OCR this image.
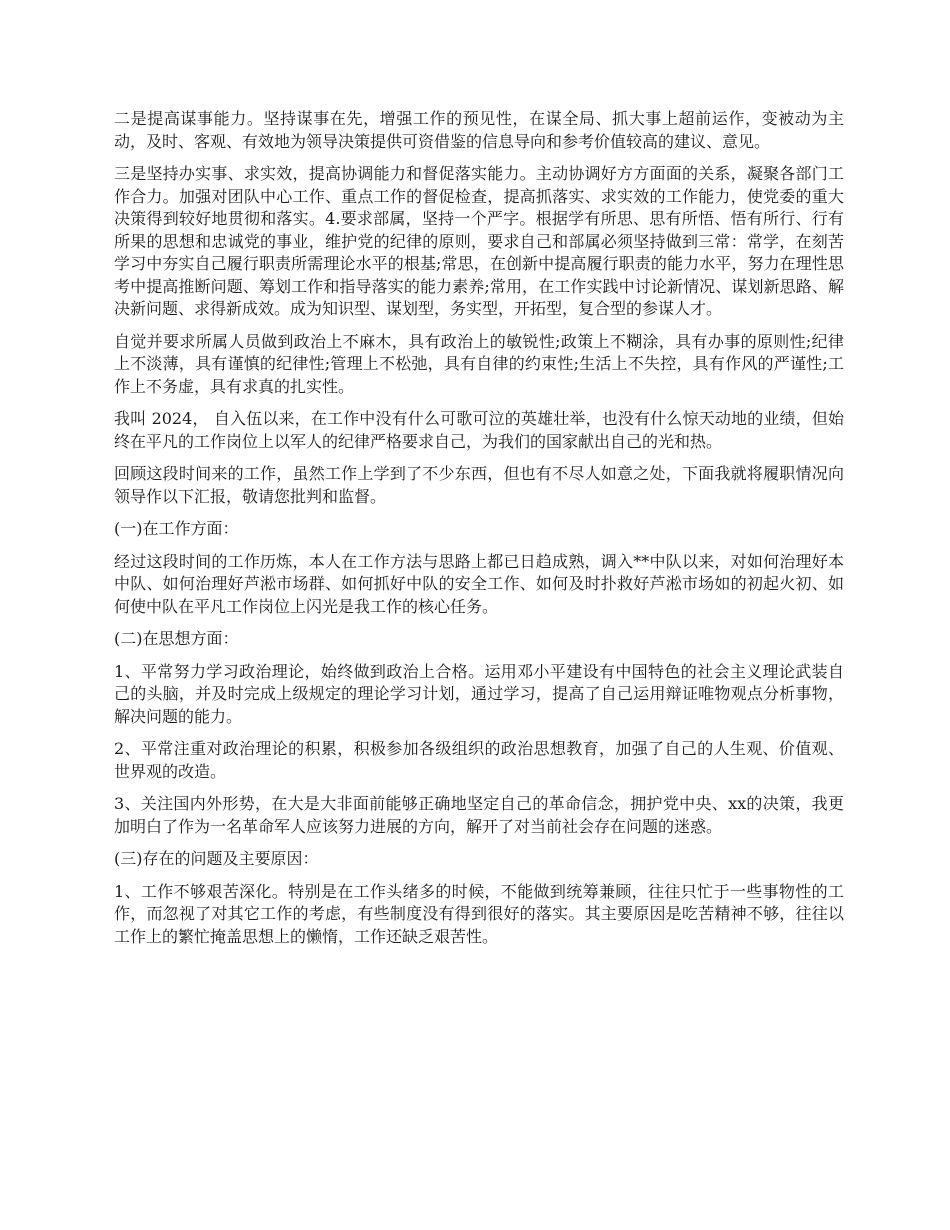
二是提高谋事能力。坚持谋事在先，增强工作的预见性，在谋全局、抓大事上超前运作，变被动为主动，及时、客观、有效地为领导决策提供可资借鉴的信息导向和参考价值较高的建议、意见。

三是坚持办实事、求实效，提高协调能力和督促落实能力。主动协调好方方面面的关系，凝聚各部门工作合力。加强对团队中心工作、重点工作的督促检查，提高抓落实、求实效的工作能力，使党委的重大决策得到较好地贯彻和落实。4.要求部属，坚持一个严字。根据学有所思、思有所悟、悟有所行、行有所果的思想和忠诚党的事业，维护党的纪律的原则，要求自己和部属必须坚持做到三常：常学，在刻苦学习中夯实自己履行职责所需理论水平的根基;常思，在创新中提高履行职责的能力水平，努力在理性思考中提高推断问题、筹划工作和指导落实的能力素养;常用，在工作实践中讨论新情况、谋划新思路、解决新问题、求得新成效。成为知识型、谋划型，务实型，开拓型，复合型的参谋人才。

自觉并要求所属人员做到政治上不麻木，具有政治上的敏锐性;政策上不糊涂，具有办事的原则性;纪律上不淡薄，具有谨慎的纪律性;管理上不松弛，具有自律的约束性;生活上不失控，具有作风的严谨性;工作上不务虚，具有求真的扎实性。

我叫 2024， 自入伍以来，在工作中没有什么可歌可泣的英雄壮举，也没有什么惊天动地的业绩，但始终在平凡的工作岗位上以军人的纪律严格要求自己，为我们的国家献出自己的光和热。

回顾这段时间来的工作，虽然工作上学到了不少东西，但也有不尽人如意之处，下面我就将履职情况向领导作以下汇报，敬请您批判和监督。

(一)在工作方面：

经过这段时间的工作历炼，本人在工作方法与思路上都已日趋成熟，调入**中队以来，对如何治理好本中队、如何治理好芦淞市场群、如何抓好中队的安全工作、如何及时扑救好芦淞市场如的初起火初、如何使中队在平凡工作岗位上闪光是我工作的核心任务。

(二)在思想方面：

1、平常努力学习政治理论，始终做到政治上合格。运用邓小平建设有中国特色的社会主义理论武装自己的头脑，并及时完成上级规定的理论学习计划，通过学习，提高了自己运用辩证唯物观点分析事物，解决问题的能力。

2、平常注重对政治理论的积累，积极参加各级组织的政治思想教育，加强了自己的人生观、价值观、世界观的改造。

3、关注国内外形势，在大是大非面前能够正确地坚定自己的革命信念，拥护党中央、xx的决策，我更加明白了作为一名革命军人应该努力进展的方向，解开了对当前社会存在问题的迷惑。

(三)存在的问题及主要原因：

1、工作不够艰苦深化。特别是在工作头绪多的时候，不能做到统筹兼顾，往往只忙于一些事物性的工作，而忽视了对其它工作的考虑，有些制度没有得到很好的落实。其主要原因是吃苦精神不够，往往以工作上的繁忙掩盖思想上的懒惰，工作还缺乏艰苦性。
